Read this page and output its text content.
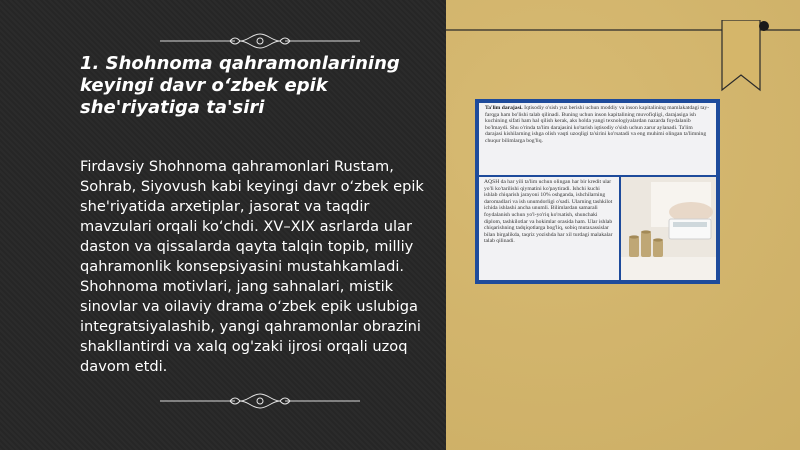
1. Shohnoma qahramonlarining keyingi davr o‘zbek epik she'riyatiga ta'siri
Firdavsiy Shohnoma qahramonlari Rustam, Sohrab, Siyovush kabi keyingi davr o‘zbek epik she'riyatida arxetiplar, jasorat va taqdir mavzulari orqali ko‘chdi. XV–XIX asrlarda ular daston va qissalarda qayta talqin topib, milliy qahramonlik konsepsiyasini mustahkamladi. Shohnoma motivlari, jang sahnalari, mistik sinovlar va oilaviy drama o‘zbek epik uslubiga integratsiyalashib, yangi qahramonlar obrazini shakllantirdi va xalq og'zaki ijrosi orqali uzoq davom etdi.
Ta'lim darajasi. Iqtisodiy o'sish yuz berishi uchun moddiy va inson kapitalining mamlakatdagi tay-farqga ham bo'lishi talab qilinadi. Buning uchun inson kapitalining muvofiqligi, darajasiga ish kuchining sifati ham hal qilish kerak, aks holda yangi texnologiyalardan nazarda foydalanib bo'lmaydi. Shu o'rinda ta'lim darajasini ko'tarish iqtisodiy o'sish uchun zarur aylanadi. Ta'lim darajasi kishilarning ishga olish vaqti uzoqligi ta'sirini ko'rsatadi va eng muhimi olingan ta'limning chuqur bilimlarga bog'liq.
AQSH da har yili ta'lim uchun olingan har bir kredit ular yo'li ko'tarilishi qiymatini ko'paytiradi. Ishchi kuchi ishlab chiqarish jarayoni 10% oshganda, ishchilarning daromadlari va ish unumdorligi o'sadi. Ularning tashkilot ichida ishlashi ancha unumli. Bilimlardan samarali foydalanish uchun yo'l-yo'riq ko'rsatish, shunchaki diplom, tashkilotlar va hokimlar orasida ham. Ular ishlab chiqarishning tadqiqotlarga bog'liq, sobiq mutaxassislar bilan birgalikda, taqriz yozishda har xil turdagi malakalar talab qilinadi.
